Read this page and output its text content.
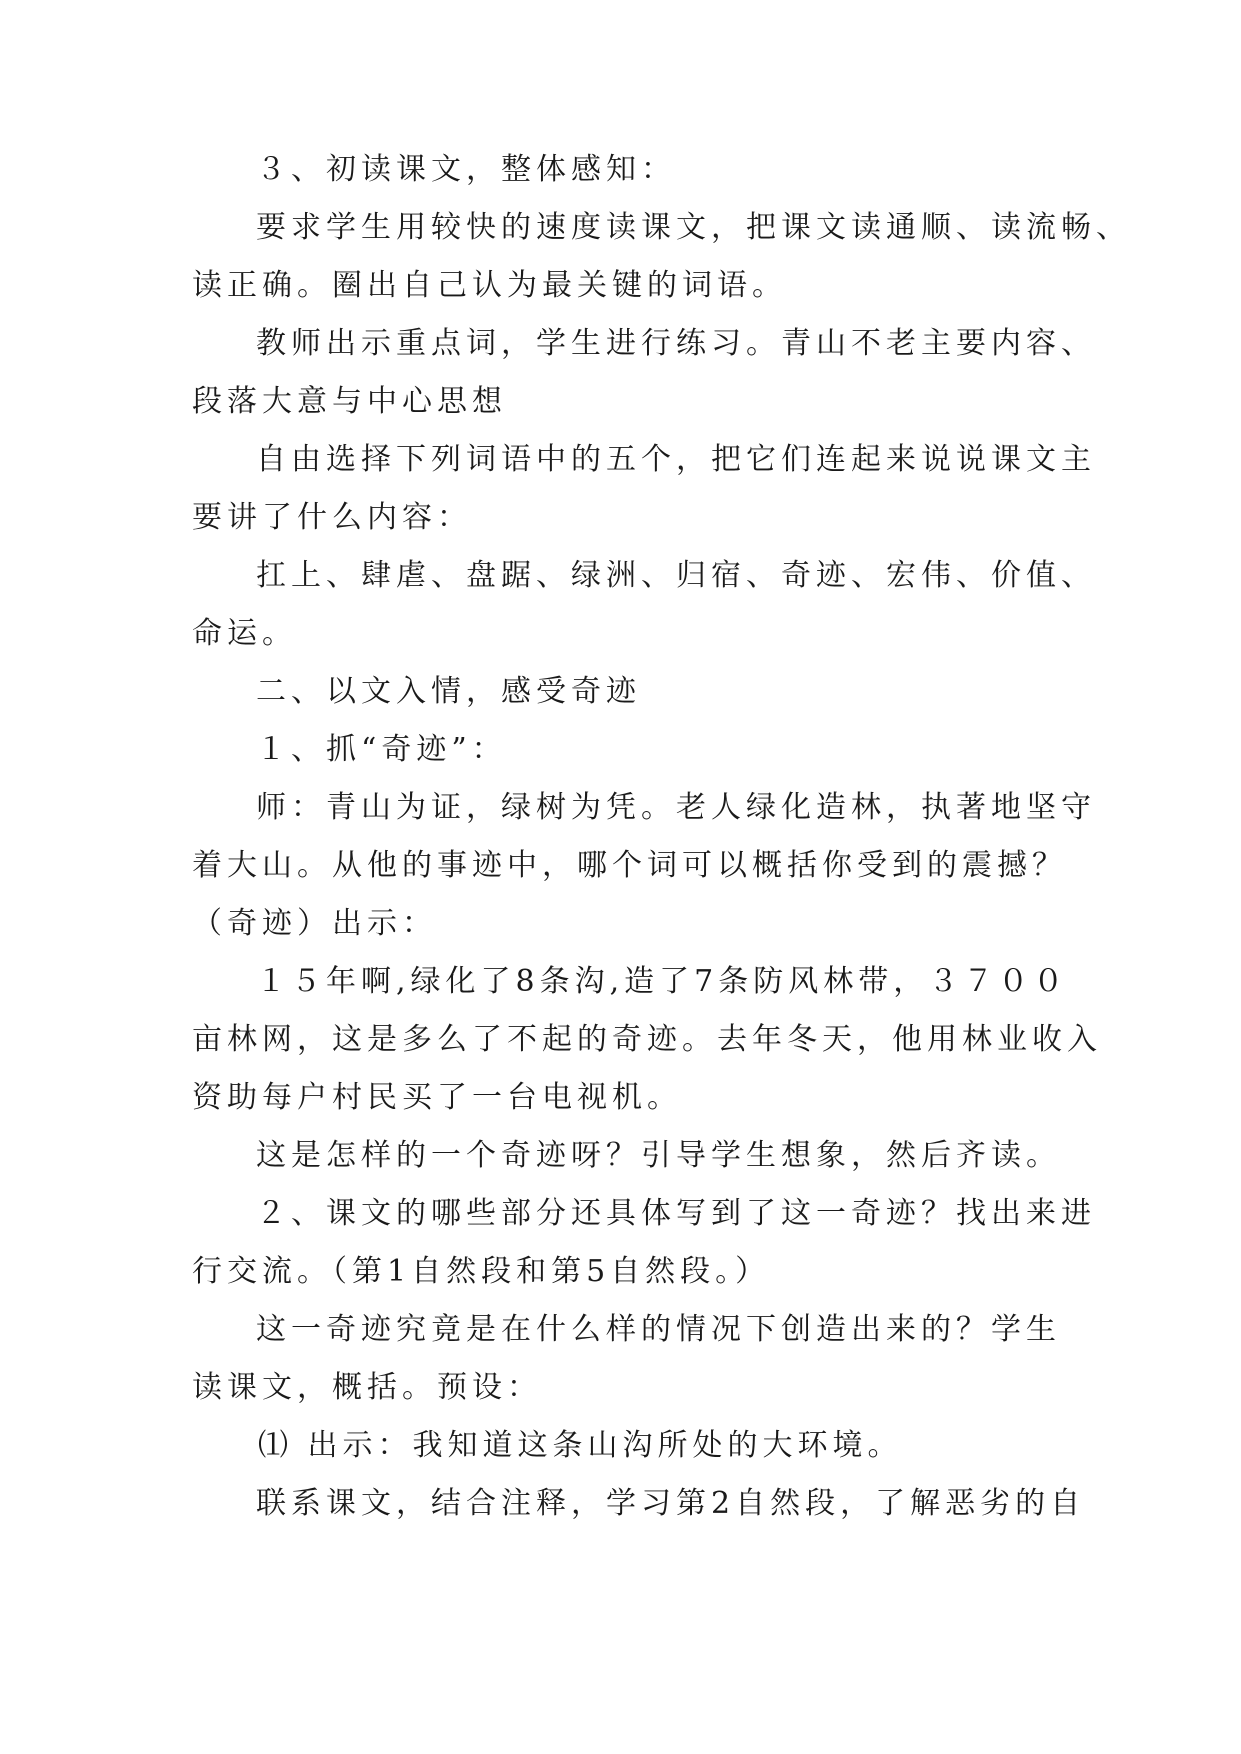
３、初读课文，整体感知：

要求学生用较快的速度读课文，把课文读通顺、读流畅、

读正确。圈出自己认为最关键的词语。

教师出示重点词，学生进行练习。青山不老主要内容、

段落大意与中心思想

自由选择下列词语中的五个，把它们连起来说说课文主

要讲了什么内容：

扛上、肆虐、盘踞、绿洲、归宿、奇迹、宏伟、价值、

命运。

二、以文入情，感受奇迹

１、抓“奇迹”：

师：青山为证，绿树为凭。老人绿化造林，执著地坚守

着大山。从他的事迹中，哪个词可以概括你受到的震撼？

（奇迹）出示：

１５年啊,绿化了8条沟,造了7条防风林带，３７００

亩林网，这是多么了不起的奇迹。去年冬天，他用林业收入

资助每户村民买了一台电视机。

这是怎样的一个奇迹呀？引导学生想象，然后齐读。

２、课文的哪些部分还具体写到了这一奇迹？找出来进

行交流。（第1自然段和第5自然段。）

这一奇迹究竟是在什么样的情况下创造出来的？学生

读课文，概括。预设：

⑴ 出示：我知道这条山沟所处的大环境。

联系课文，结合注释，学习第2自然段，了解恶劣的自
